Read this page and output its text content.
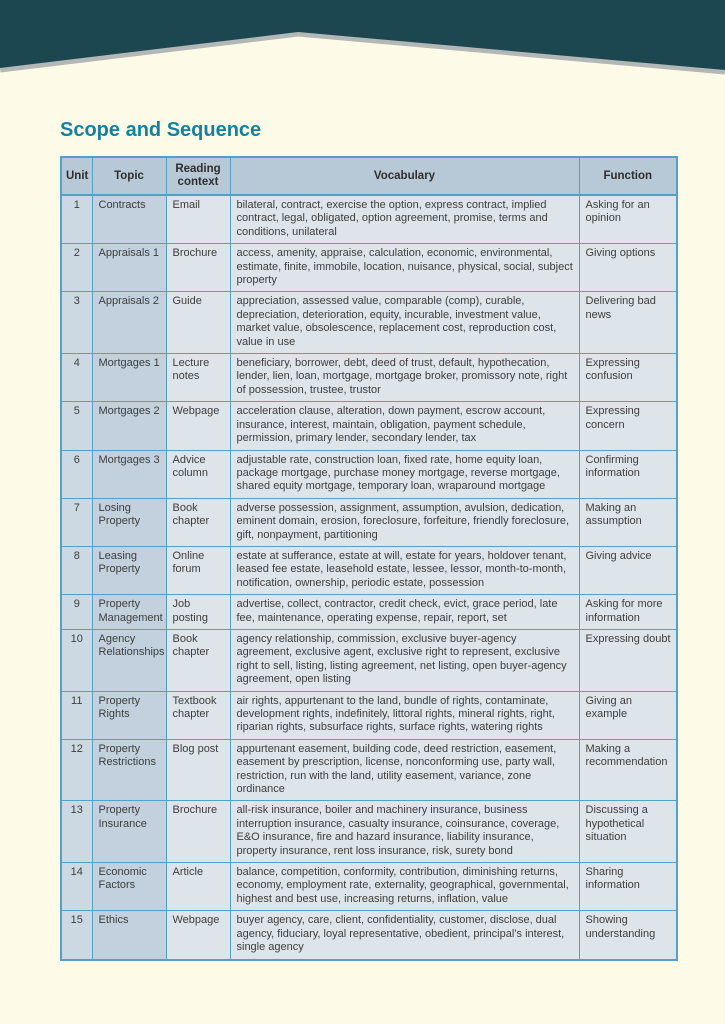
Scope and Sequence
Unit	Topic	Reading context	Vocabulary	Function
1	Contracts	Email	bilateral, contract, exercise the option, express contract, implied contract, legal, obligated, option agreement, promise, terms and conditions, unilateral	Asking for an opinion
2	Appraisals 1	Brochure	access, amenity, appraise, calculation, economic, environmental, estimate, finite, immobile, location, nuisance, physical, social, subject property	Giving options
3	Appraisals 2	Guide	appreciation, assessed value, comparable (comp), curable, depreciation, deterioration, equity, incurable, investment value, market value, obsolescence, replacement cost, reproduction cost, value in use	Delivering bad news
4	Mortgages 1	Lecture notes	beneficiary, borrower, debt, deed of trust, default, hypothecation, lender, lien, loan, mortgage, mortgage broker, promissory note, right of possession, trustee, trustor	Expressing confusion
5	Mortgages 2	Webpage	acceleration clause, alteration, down payment, escrow account, insurance, interest, maintain, obligation, payment schedule, permission, primary lender, secondary lender, tax	Expressing concern
6	Mortgages 3	Advice column	adjustable rate, construction loan, fixed rate, home equity loan, package mortgage, purchase money mortgage, reverse mortgage, shared equity mortgage, temporary loan, wraparound mortgage	Confirming information
7	Losing Property	Book chapter	adverse possession, assignment, assumption, avulsion, dedication, eminent domain, erosion, foreclosure, forfeiture, friendly foreclosure, gift, nonpayment, partitioning	Making an assumption
8	Leasing Property	Online forum	estate at sufferance, estate at will, estate for years, holdover tenant, leased fee estate, leasehold estate, lessee, lessor, month-to-month, notification, ownership, periodic estate, possession	Giving advice
9	Property Management	Job posting	advertise, collect, contractor, credit check, evict, grace period, late fee, maintenance, operating expense, repair, report, set	Asking for more information
10	Agency Relationships	Book chapter	agency relationship, commission, exclusive buyer-agency agreement, exclusive agent, exclusive right to represent, exclusive right to sell, listing, listing agreement, net listing, open buyer-agency agreement, open listing	Expressing doubt
11	Property Rights	Textbook chapter	air rights, appurtenant to the land, bundle of rights, contaminate, development rights, indefinitely, littoral rights, mineral rights, right, riparian rights, subsurface rights, surface rights, watering rights	Giving an example
12	Property Restrictions	Blog post	appurtenant easement, building code, deed restriction, easement, easement by prescription, license, nonconforming use, party wall, restriction, run with the land, utility easement, variance, zone ordinance	Making a recommendation
13	Property Insurance	Brochure	all-risk insurance, boiler and machinery insurance, business interruption insurance, casualty insurance, coinsurance, coverage, E&O insurance, fire and hazard insurance, liability insurance, property insurance, rent loss insurance, risk, surety bond	Discussing a hypothetical situation
14	Economic Factors	Article	balance, competition, conformity, contribution, diminishing returns, economy, employment rate, externality, geographical, governmental, highest and best use, increasing returns, inflation, value	Sharing information
15	Ethics	Webpage	buyer agency, care, client, confidentiality, customer, disclose, dual agency, fiduciary, loyal representative, obedient, principal’s interest, single agency	Showing understanding
